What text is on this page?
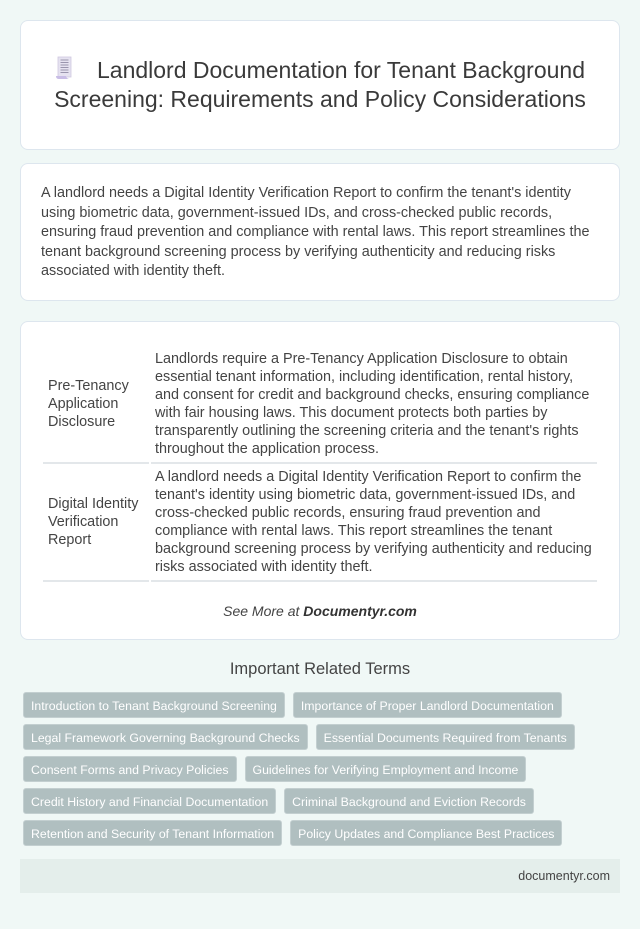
Landlord Documentation for Tenant Background Screening: Requirements and Policy Considerations

A landlord needs a Digital Identity Verification Report to confirm the tenant's identity using biometric data, government-issued IDs, and cross-checked public records, ensuring fraud prevention and compliance with rental laws. This report streamlines the tenant background screening process by verifying authenticity and reducing risks associated with identity theft.

Pre-Tenancy Application Disclosure	Landlords require a Pre-Tenancy Application Disclosure to obtain essential tenant information, including identification, rental history, and consent for credit and background checks, ensuring compliance with fair housing laws. This document protects both parties by transparently outlining the screening criteria and the tenant's rights throughout the application process.
Digital Identity Verification Report	A landlord needs a Digital Identity Verification Report to confirm the tenant's identity using biometric data, government-issued IDs, and cross-checked public records, ensuring fraud prevention and compliance with rental laws. This report streamlines the tenant background screening process by verifying authenticity and reducing risks associated with identity theft.
See More at Documentyr.com
Important Related Terms
Introduction to Tenant Background Screening	Importance of Proper Landlord Documentation
Legal Framework Governing Background Checks	Essential Documents Required from Tenants
Consent Forms and Privacy Policies	Guidelines for Verifying Employment and Income
Credit History and Financial Documentation	Criminal Background and Eviction Records
Retention and Security of Tenant Information	Policy Updates and Compliance Best Practices
documentyr.com
